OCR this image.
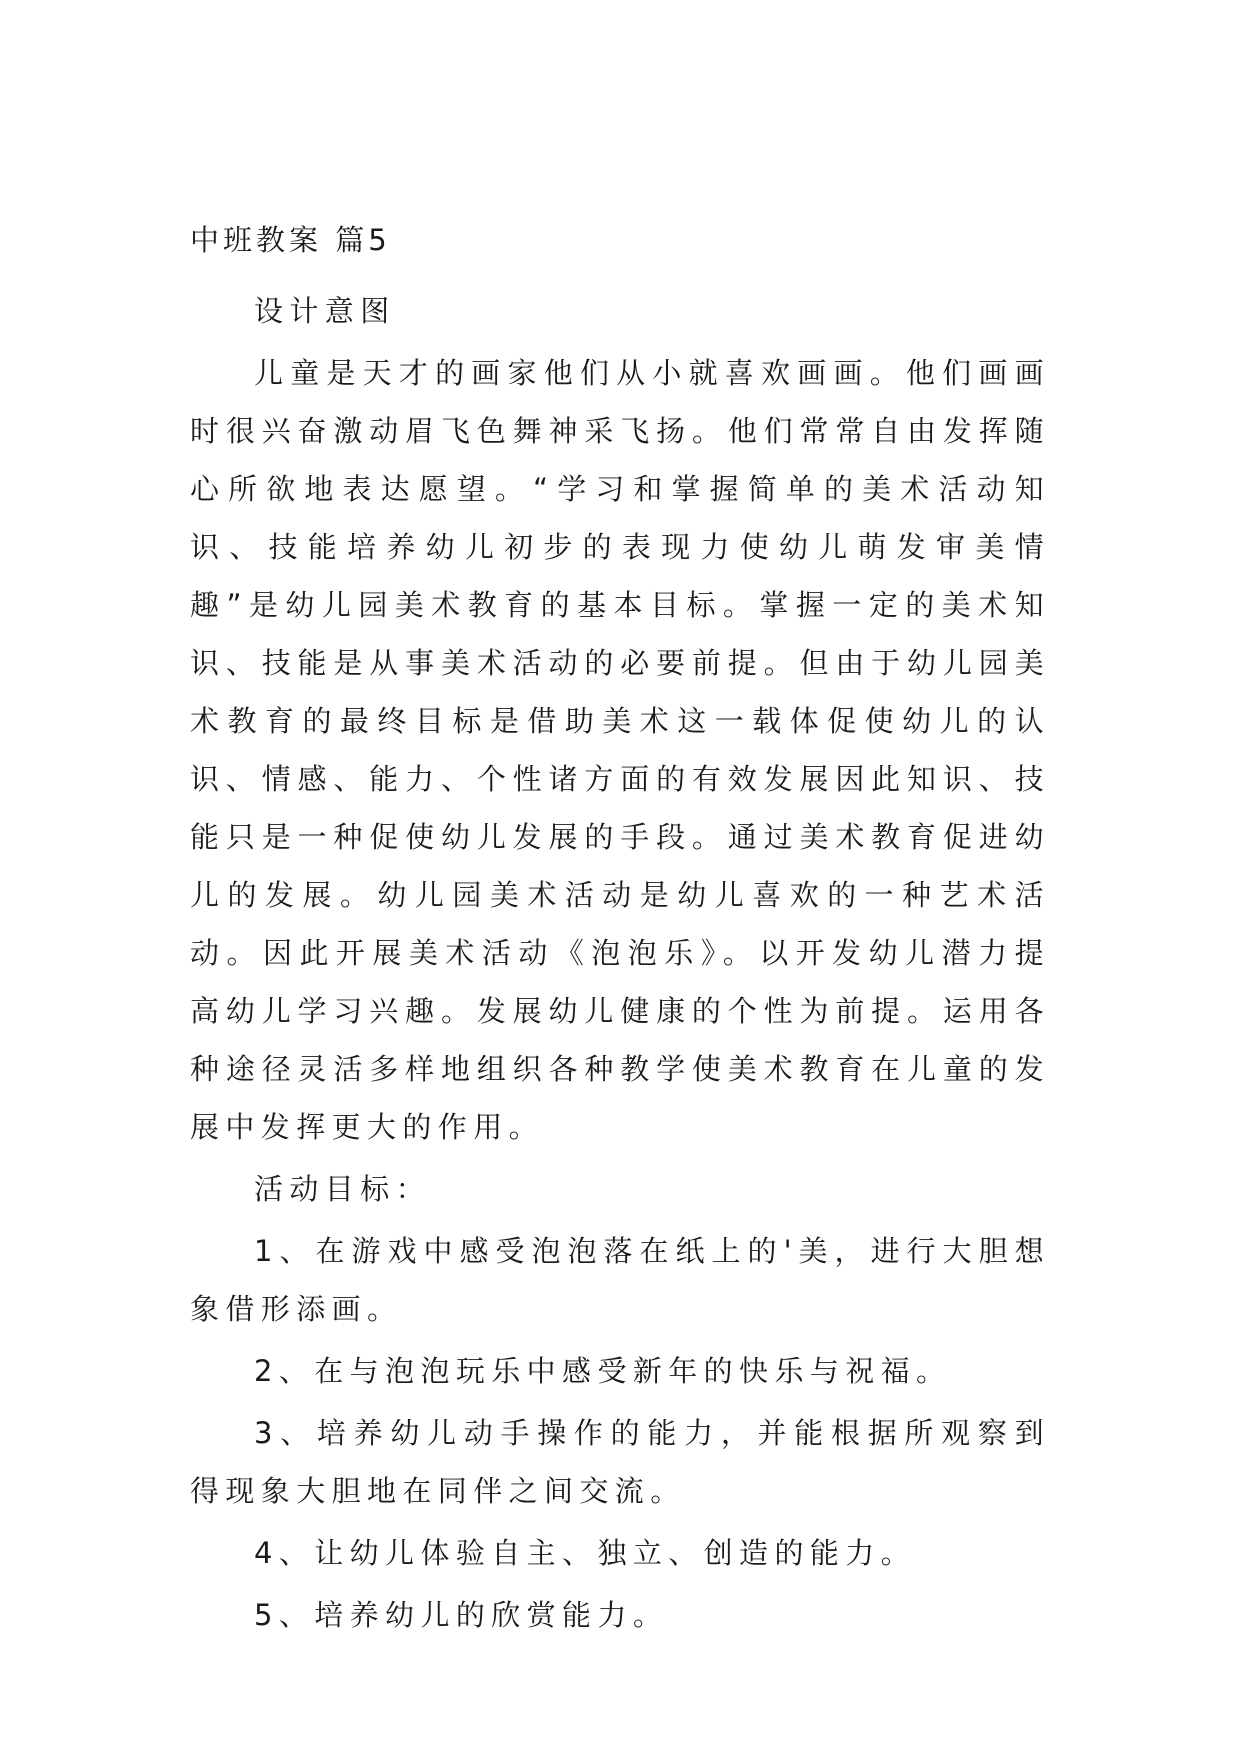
中班教案 篇5

设计意图

儿童是天才的画家他们从小就喜欢画画。他们画画时很兴奋激动眉飞色舞神采飞扬。他们常常自由发挥随心所欲地表达愿望。“学习和掌握简单的美术活动知识、技能培养幼儿初步的表现力使幼儿萌发审美情趣”是幼儿园美术教育的基本目标。掌握一定的美术知识、技能是从事美术活动的必要前提。但由于幼儿园美术教育的最终目标是借助美术这一载体促使幼儿的认识、情感、能力、个性诸方面的有效发展因此知识、技能只是一种促使幼儿发展的手段。通过美术教育促进幼儿的发展。幼儿园美术活动是幼儿喜欢的一种艺术活动。因此开展美术活动《泡泡乐》。以开发幼儿潜力提高幼儿学习兴趣。发展幼儿健康的个性为前提。运用各种途径灵活多样地组织各种教学使美术教育在儿童的发展中发挥更大的作用。

活动目标：

1、在游戏中感受泡泡落在纸上的'美，进行大胆想象借形添画。

2、在与泡泡玩乐中感受新年的快乐与祝福。

3、培养幼儿动手操作的能力，并能根据所观察到得现象大胆地在同伴之间交流。

4、让幼儿体验自主、独立、创造的能力。

5、培养幼儿的欣赏能力。
